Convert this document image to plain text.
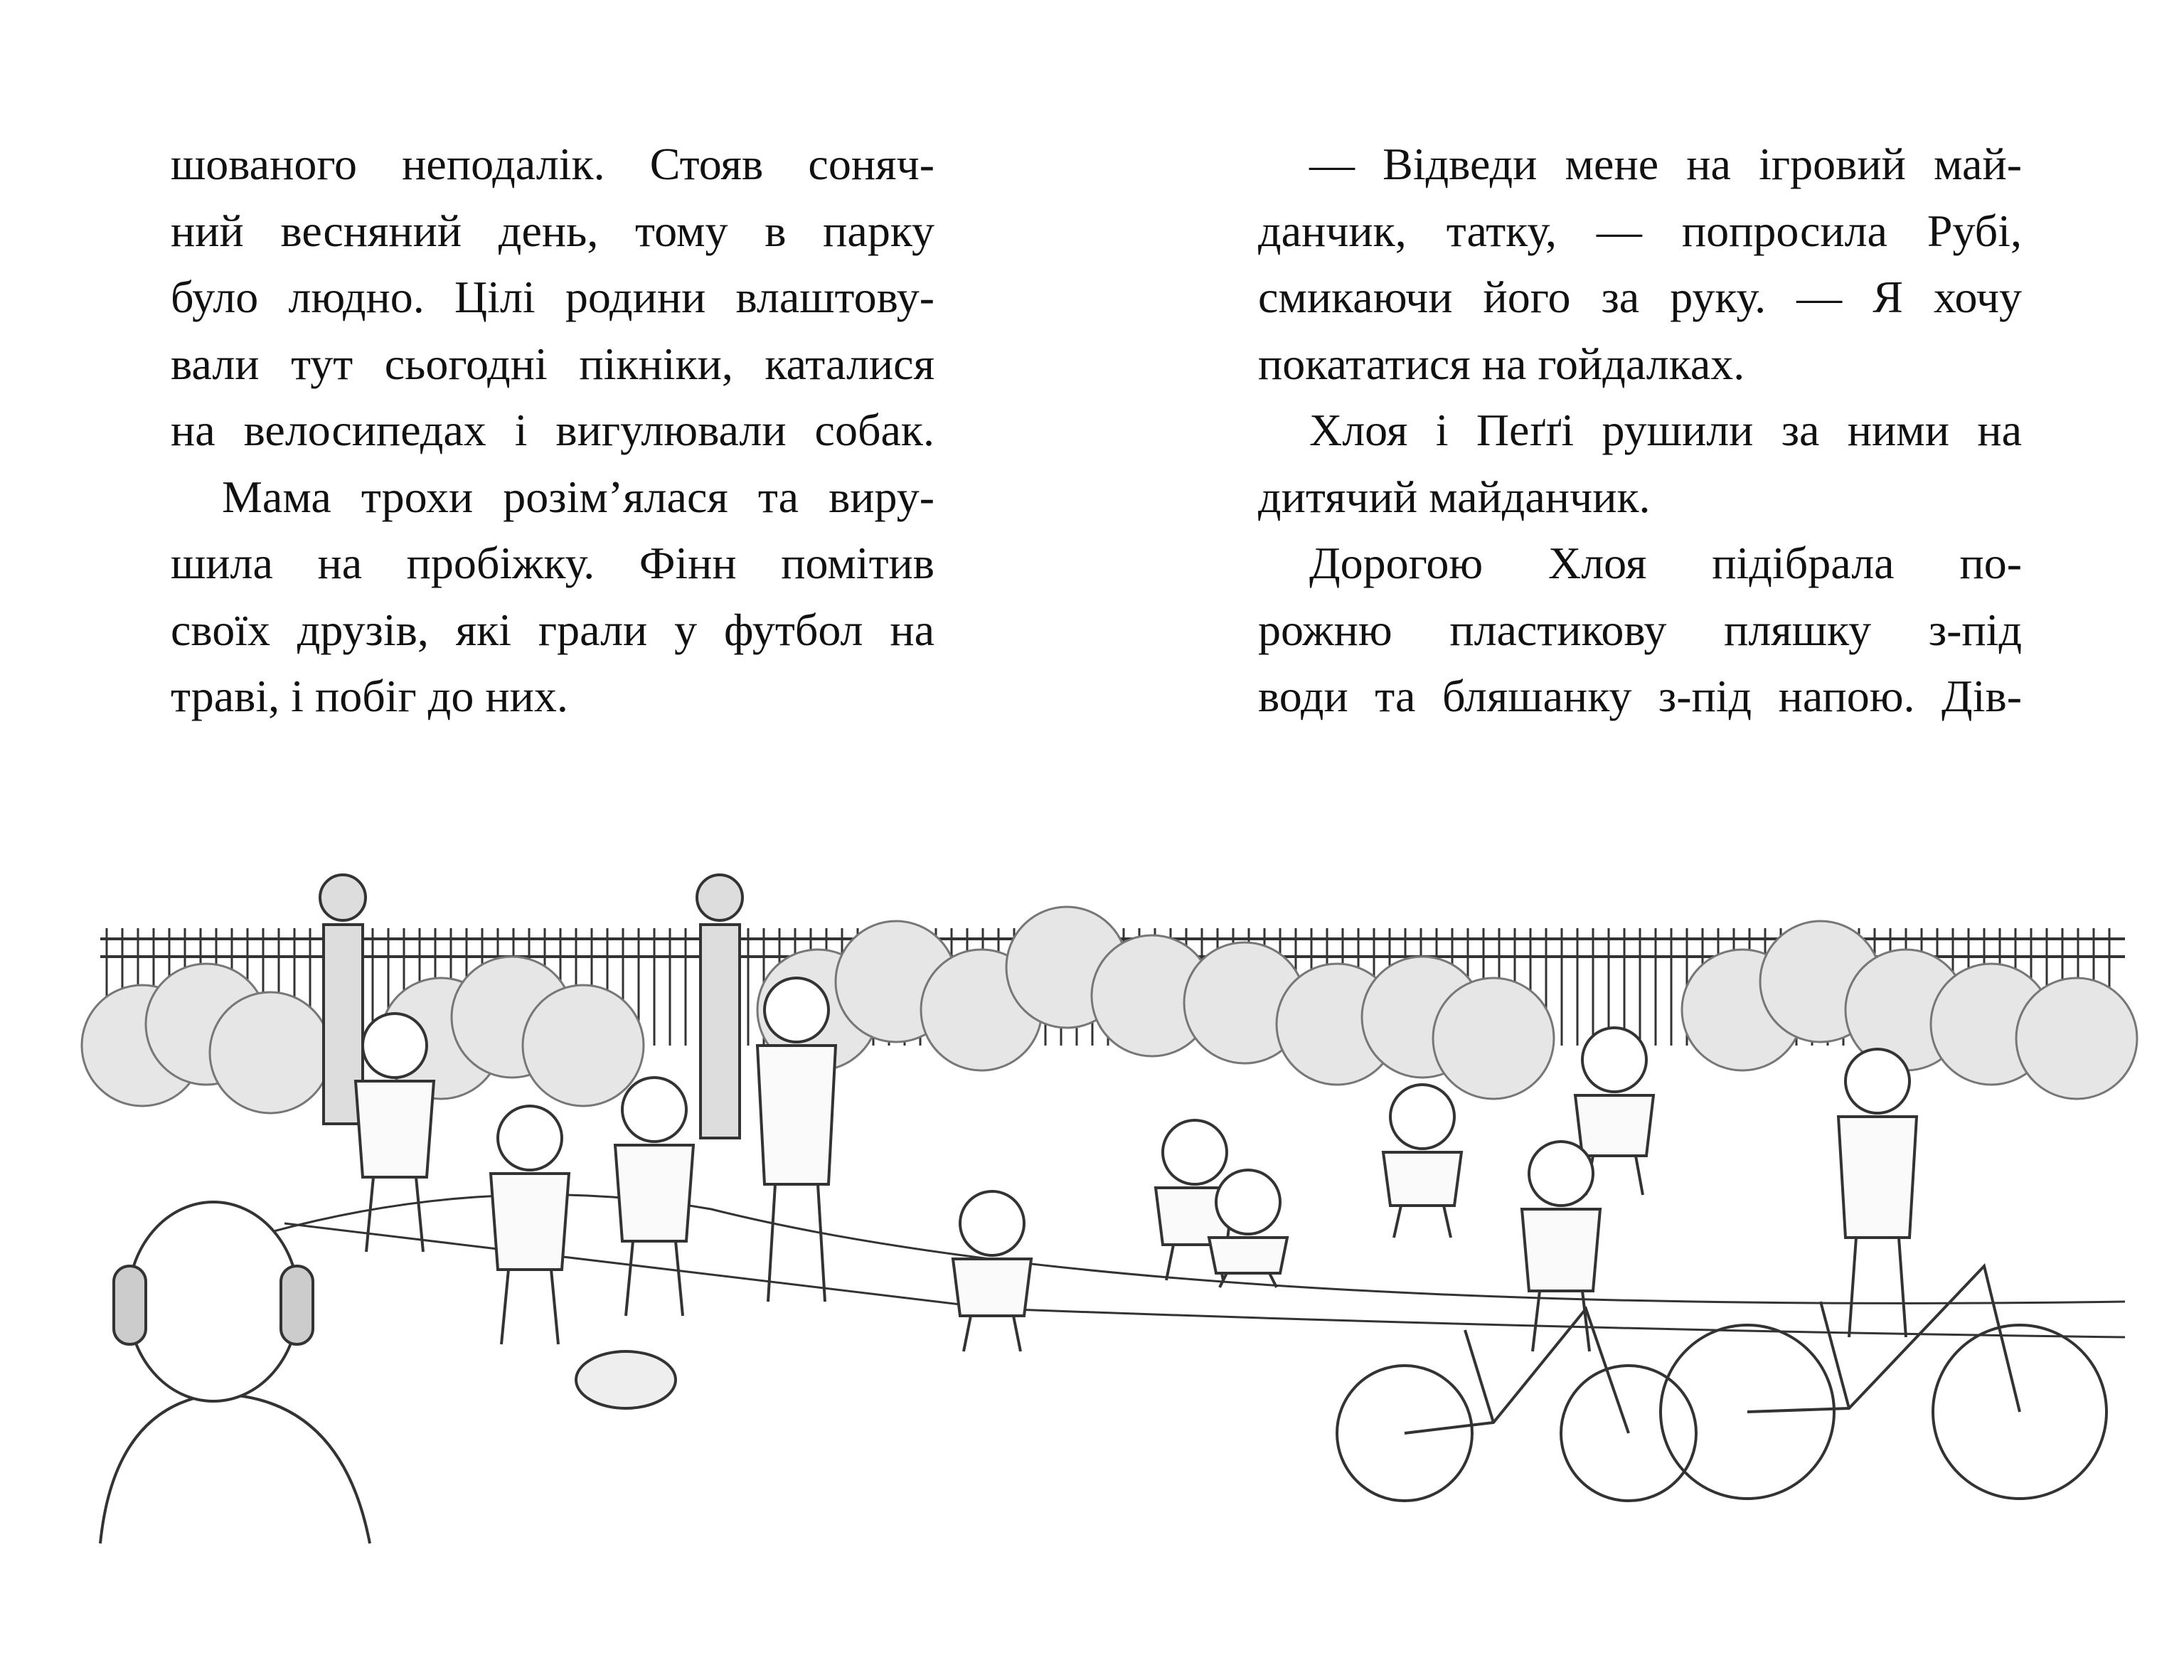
шованого неподалік. Стояв соняч-
ний весняний день, тому в парку
було людно. Цілі родини влаштову-
вали тут сьогодні пікніки, каталися
на велосипедах і вигулювали собак.
Мама трохи розім’ялася та виру-
шила на пробіжку. Фінн помітив
своїх друзів, які грали у футбол на
траві, і побіг до них.
— Відведи мене на ігровий май-
данчик, татку, — попросила Рубі,
смикаючи його за руку. — Я хочу
покататися на гойдалках.
Хлоя і Пеґґі рушили за ними на
дитячий майданчик.
Дорогою Хлоя підібрала по-
рожню пластикову пляшку з-під
води та бляшанку з-під напою. Дів-
